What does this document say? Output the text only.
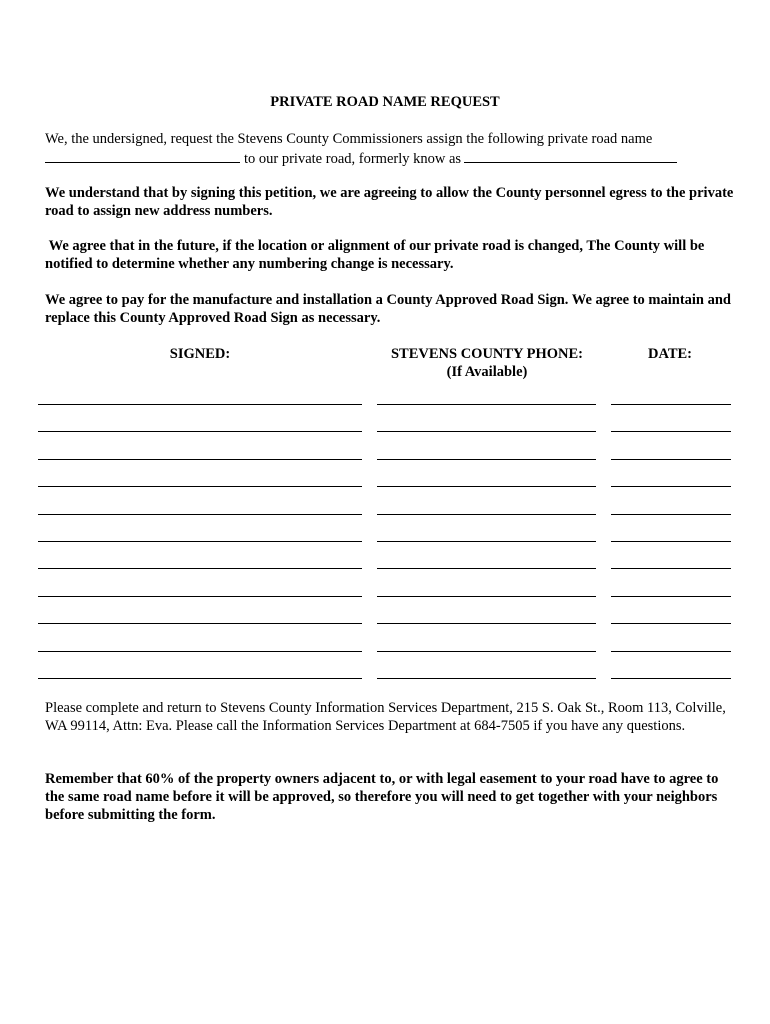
PRIVATE ROAD NAME REQUEST
We, the undersigned, request the Stevens County Commissioners assign the following private road name
to our private road, formerly know as
We understand that by signing this petition, we are agreeing to allow the County personnel egress to the private road to assign new address numbers.
We agree that in the future, if the location or alignment of our private road is changed, The County will be notified to determine whether any numbering change is necessary.
We agree to pay for the manufacture and installation a County Approved Road Sign. We agree to maintain and replace this County Approved Road Sign as necessary.
SIGNED:	STEVENS COUNTY PHONE:
(If Available)
DATE:
Please complete and return to Stevens County Information Services Department, 215 S. Oak St., Room 113, Colville, WA 99114, Attn: Eva. Please call the Information Services Department at 684-7505 if you have any questions.
Remember that 60% of the property owners adjacent to, or with legal easement to your road have to agree to the same road name before it will be approved, so therefore you will need to get together with your neighbors before submitting the form.
